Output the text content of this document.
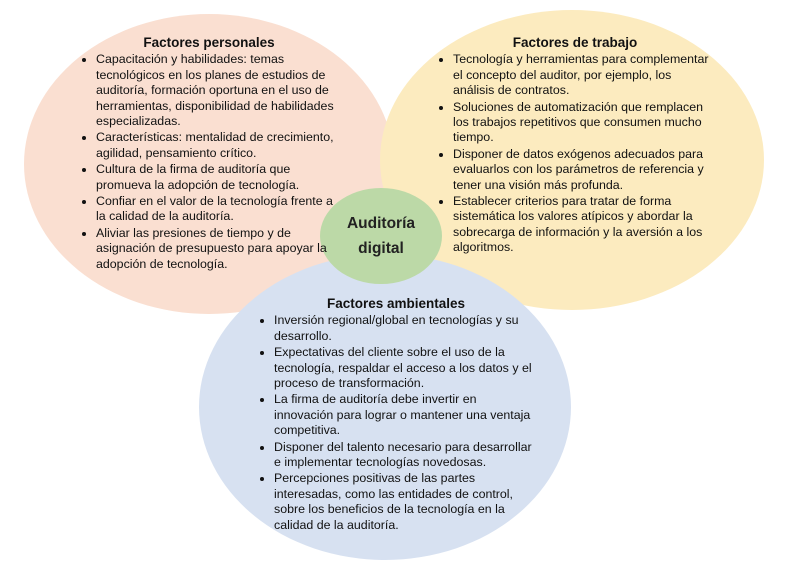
Factores personales
• Capacitación y habilidades: temas tecnológicos en los planes de estudios de auditoría, formación oportuna en el uso de herramientas, disponibilidad de habilidades especializadas.
• Características: mentalidad de crecimiento, agilidad, pensamiento crítico.
• Cultura de la firma de auditoría que promueva la adopción de tecnología.
• Confiar en el valor de la tecnología frente a la calidad de la auditoría.
• Aliviar las presiones de tiempo y de asignación de presupuesto para apoyar la adopción de tecnología.
Factores de trabajo
• Tecnología y herramientas para complementar el concepto del auditor, por ejemplo, los análisis de contratos.
• Soluciones de automatización que remplacen los trabajos repetitivos que consumen mucho tiempo.
• Disponer de datos exógenos adecuados para evaluarlos con los parámetros de referencia y tener una visión más profunda.
• Establecer criterios para tratar de forma sistemática los valores atípicos y abordar la sobrecarga de información y la aversión a los algoritmos.
Factores ambientales
• Inversión regional/global en tecnologías y su desarrollo.
• Expectativas del cliente sobre el uso de la tecnología, respaldar el acceso a los datos y el proceso de transformación.
• La firma de auditoría debe invertir en innovación para lograr o mantener una ventaja competitiva.
• Disponer del talento necesario para desarrollar e implementar tecnologías novedosas.
• Percepciones positivas de las partes interesadas, como las entidades de control, sobre los beneficios de la tecnología en la calidad de la auditoría.
Auditoría
digital
